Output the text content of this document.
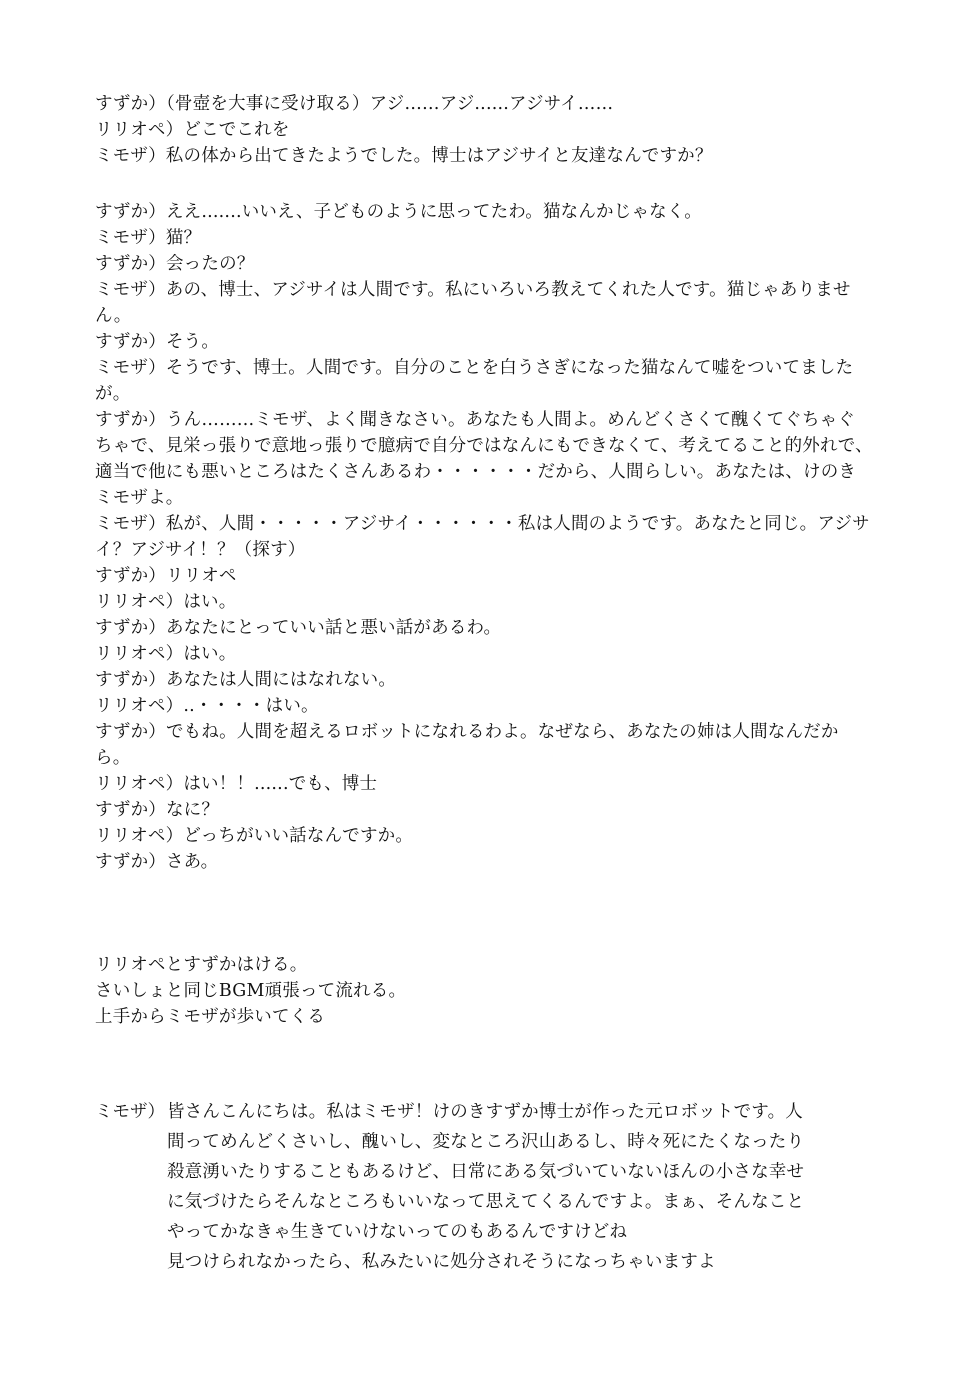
すずか）（骨壺を大事に受け取る）アジ……アジ......アジサイ……
リリオペ）どこでこれを
ミモザ）私の体から出てきたようでした。博士はアジサイと友達なんですか？
すずか）ええ.......いいえ、子どものように思ってたわ。猫なんかじゃなく。
ミモザ）猫？
すずか）会ったの？
ミモザ）あの、博士、アジサイは人間です。私にいろいろ教えてくれた人です。猫じゃありませ
ん。
すずか）そう。
ミモザ）そうです、博士。人間です。自分のことを白うさぎになった猫なんて嘘をついてました
が。
すずか）うん………ミモザ、よく聞きなさい。あなたも人間よ。めんどくさくて醜くてぐちゃぐ
ちゃで、見栄っ張りで意地っ張りで臆病で自分ではなんにもできなくて、考えてること的外れで、
適当で他にも悪いところはたくさんあるわ・・・・・・だから、人間らしい。あなたは、けのき
ミモザよ。
ミモザ）私が、人間・・・・・アジサイ・・・・・・私は人間のようです。あなたと同じ。アジサ
イ？アジサイ！？（探す）
すずか）リリオペ
リリオペ）はい。
すずか）あなたにとっていい話と悪い話があるわ。
リリオペ）はい。
すずか）あなたは人間にはなれない。
リリオペ）..・・・・はい。
すずか）でもね。人間を超えるロボットになれるわよ。なぜなら、あなたの姉は人間なんだか
ら。
リリオペ）はい！！......でも、博士
すずか）なに？
リリオペ）どっちがいい話なんですか。
すずか）さあ。
リリオペとすずかはける。
さいしょと同じBGM頑張って流れる。
上手からミモザが歩いてくる
ミモザ） 皆さんこんにちは。私はミモザ！けのきすずか博士が作った元ロボットです。人
間ってめんどくさいし、醜いし、変なところ沢山あるし、時々死にたくなったり
殺意湧いたりすることもあるけど、日常にある気づいていないほんの小さな幸せ
に気づけたらそんなところもいいなって思えてくるんですよ。まぁ、そんなこと
やってかなきゃ生きていけないってのもあるんですけどね
見つけられなかったら、私みたいに処分されそうになっちゃいますよ
